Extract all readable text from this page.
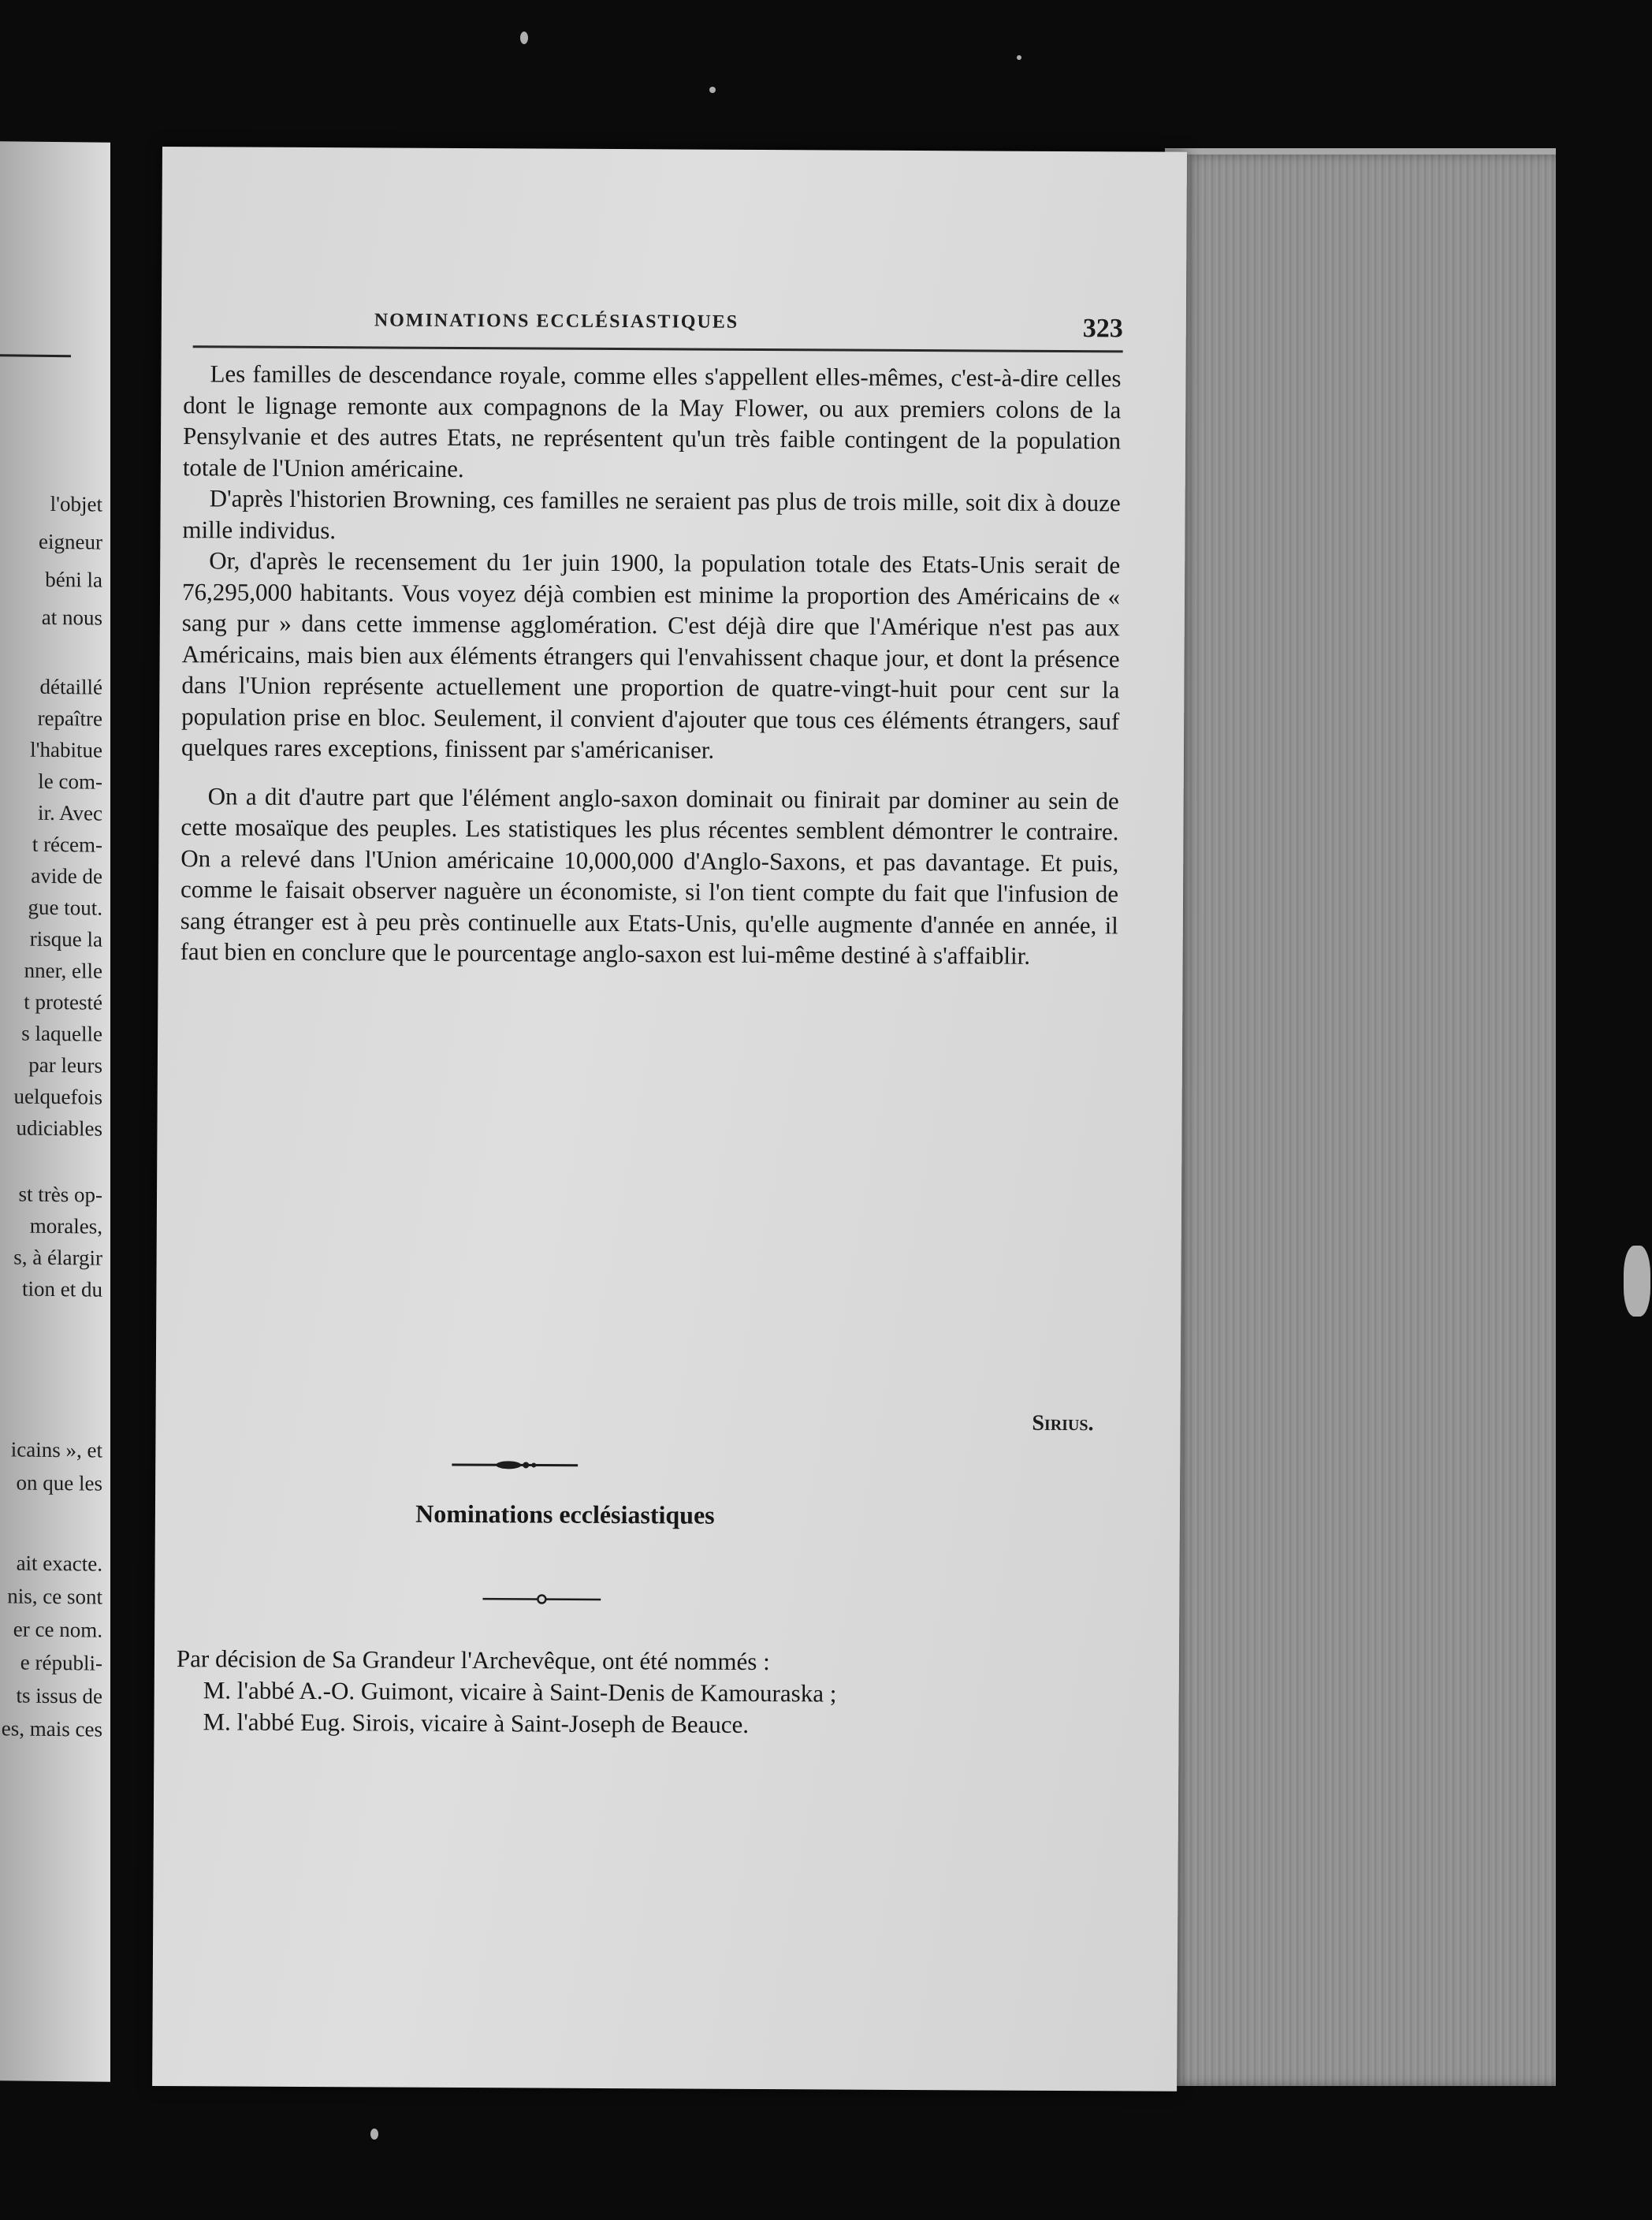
l'objet
eigneur
béni la
at nous
détaillé
repaître
l'habitue
le com-
ir. Avec
t récem-
avide de
gue tout.
risque la
nner, elle
t protesté
s laquelle
par leurs
uelquefois
udiciables
st très op-
morales,
s, à élargir
tion et du
icains », et
on que les
ait exacte.
nis, ce sont
er ce nom.
e républi-
ts issus de
es, mais ces
NOMINATIONS ECCLÉSIASTIQUES	323

Les familles de descendance royale, comme elles s'appellent elles-mêmes, c'est-à-dire celles dont le lignage remonte aux compagnons de la May Flower, ou aux premiers colons de la Pensylvanie et des autres Etats, ne représentent qu'un très faible contingent de la population totale de l'Union américaine.

D'après l'historien Browning, ces familles ne seraient pas plus de trois mille, soit dix à douze mille individus.

Or, d'après le recensement du 1er juin 1900, la population totale des Etats-Unis serait de 76,295,000 habitants. Vous voyez déjà combien est minime la proportion des Américains de « sang pur » dans cette immense agglomération. C'est déjà dire que l'Amérique n'est pas aux Américains, mais bien aux éléments étrangers qui l'envahissent chaque jour, et dont la présence dans l'Union représente actuellement une proportion de quatre-vingt-huit pour cent sur la population prise en bloc. Seulement, il convient d'ajouter que tous ces éléments étrangers, sauf quelques rares exceptions, finissent par s'américaniser.

On a dit d'autre part que l'élément anglo-saxon dominait ou finirait par dominer au sein de cette mosaïque des peuples. Les statistiques les plus récentes semblent démontrer le contraire. On a relevé dans l'Union américaine 10,000,000 d'Anglo-Saxons, et pas davantage. Et puis, comme le faisait observer naguère un économiste, si l'on tient compte du fait que l'infusion de sang étranger est à peu près continuelle aux Etats-Unis, qu'elle augmente d'année en année, il faut bien en conclure que le pourcentage anglo-saxon est lui-même destiné à s'affaiblir.

Sirius.
Nominations ecclésiastiques

Par décision de Sa Grandeur l'Archevêque, ont été nommés :

M. l'abbé A.-O. Guimont, vicaire à Saint-Denis de Kamouraska ;

M. l'abbé Eug. Sirois, vicaire à Saint-Joseph de Beauce.
